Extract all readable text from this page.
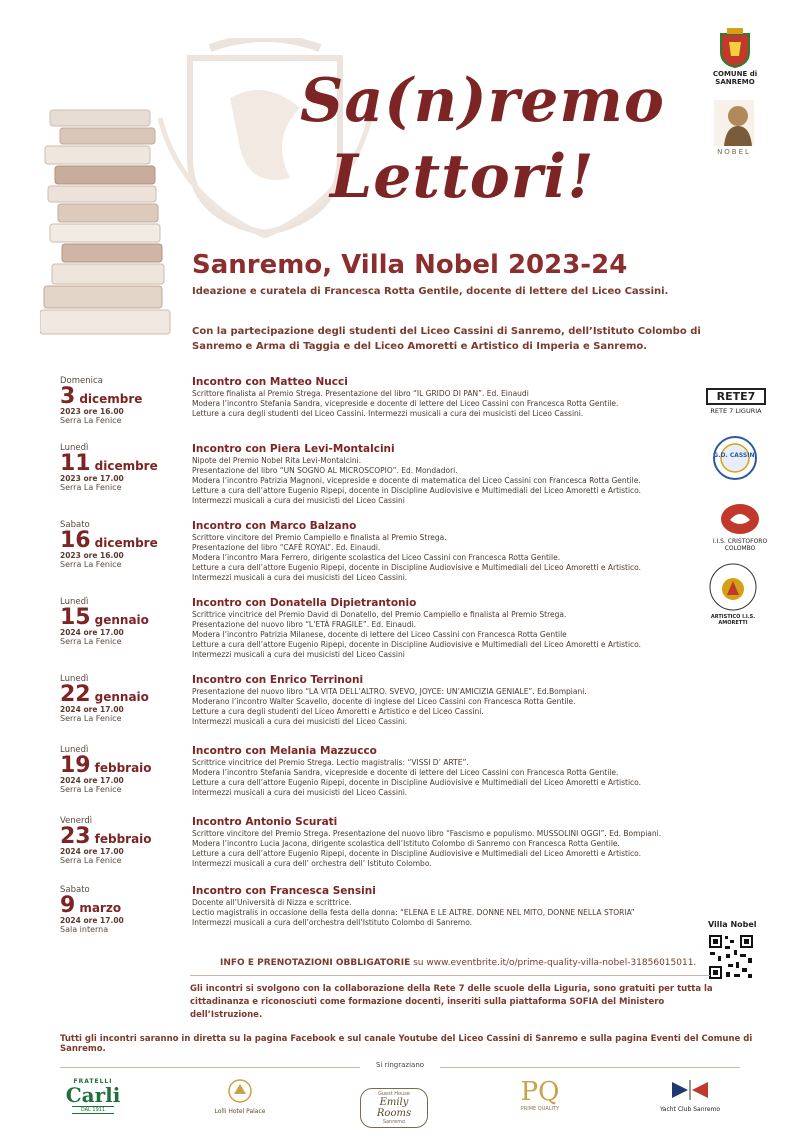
Sa(n)remo
Lettori!
Sanremo, Villa Nobel 2023-24
Ideazione e curatela di Francesca Rotta Gentile, docente di lettere del Liceo Cassini.
Con la partecipazione degli studenti del Liceo Cassini di Sanremo, dell’Istituto Colombo di Sanremo e Arma di Taggia e del Liceo Amoretti e Artistico di Imperia e Sanremo.
COMUNE di SANREMO
NOBEL
RETE7
RETE 7 LIGURIA
G.D. CASSINI
I.I.S. CRISTOFORO COLOMBO
ARTISTICO I.I.S. AMORETTI
Domenica
3 dicembre
2023 ore 16.00
Serra La Fenice
Incontro con Matteo Nucci
Scrittore finalista al Premio Strega. Presentazione del libro “IL GRIDO DI PAN”. Ed. Einaudi
Modera l’incontro Stefania Sandra, vicepreside e docente di lettere del Liceo Cassini con Francesca Rotta Gentile.
Letture a cura degli studenti del Liceo Cassini. Intermezzi musicali a cura dei musicisti del Liceo Cassini.
Lunedì
11 dicembre
2023 ore 17.00
Serra La Fenice
Incontro con Piera Levi-Montalcini
Nipote del Premio Nobel Rita Levi-Montalcini.
Presentazione del libro “UN SOGNO AL MICROSCOPIO”. Ed. Mondadori.
Modera l’incontro Patrizia Magnoni, vicepreside e docente di matematica del Liceo Cassini con Francesca Rotta Gentile.
Letture a cura dell’attore Eugenio Ripepi, docente in Discipline Audiovisive e Multimediali del Liceo Amoretti e Artistico.
Intermezzi musicali a cura dei musicisti del Liceo Cassini
Sabato
16 dicembre
2023 ore 16.00
Serra La Fenice
Incontro con Marco Balzano
Scrittore vincitore del Premio Campiello e finalista al Premio Strega.
Presentazione del libro “CAFÈ ROYAL”. Ed. Einaudi.
Modera l’incontro Mara Ferrero, dirigente scolastica del Liceo Cassini con Francesca Rotta Gentile.
Letture a cura dell’attore Eugenio Ripepi, docente in Discipline Audiovisive e Multimediali del Liceo Amoretti e Artistico.
Intermezzi musicali a cura dei musicisti del Liceo Cassini.
Lunedì
15 gennaio
2024 ore 17.00
Serra La Fenice
Incontro con Donatella Dipietrantonio
Scrittrice vincitrice del Premio David di Donatello, del Premio Campiello e finalista al Premio Strega.
Presentazione del nuovo libro “L’ETÀ FRAGILE”. Ed. Einaudi.
Modera l’incontro Patrizia Milanese, docente di lettere del Liceo Cassini con Francesca Rotta Gentile
Letture a cura dell’attore Eugenio Ripepi, docente in Discipline Audiovisive e Multimediali del Liceo Amoretti e Artistico.
Intermezzi musicali a cura dei musicisti del Liceo Cassini
Lunedì
22 gennaio
2024 ore 17.00
Serra La Fenice
Incontro con Enrico Terrinoni
Presentazione del nuovo libro “LA VITA DELL’ALTRO. SVEVO, JOYCE: UN’AMICIZIA GENIALE”. Ed.Bompiani.
Moderano l’incontro Walter Scavello, docente di inglese del Liceo Cassini con Francesca Rotta Gentile.
Letture a cura degli studenti del Liceo Amoretti e Artistico e del Liceo Cassini.
Intermezzi musicali a cura dei musicisti del Liceo Cassini.
Lunedì
19 febbraio
2024 ore 17.00
Serra La Fenice
Incontro con Melania Mazzucco
Scrittrice vincitrice del Premio Strega. Lectio magistralis: “VISSI D’ ARTE”.
Modera l’incontro Stefania Sandra, vicepreside e docente di lettere del Liceo Cassini con Francesca Rotta Gentile.
Letture a cura dell’attore Eugenio Ripepi, docente in Discipline Audiovisive e Multimediali del Liceo Amoretti e Artistico.
Intermezzi musicali a cura dei musicisti del Liceo Cassini.
Venerdì
23 febbraio
2024 ore 17.00
Serra La Fenice
Incontro Antonio Scurati
Scrittore vincitore del Premio Strega. Presentazione del nuovo libro “Fascismo e populismo. MUSSOLINI OGGI”. Ed. Bompiani.
Modera l’incontro Lucia Jacona, dirigente scolastica dell’Istituto Colombo di Sanremo con Francesca Rotta Gentile.
Letture a cura dell’attore Eugenio Ripepi, docente in Discipline Audiovisive e Multimediali del Liceo Amoretti e Artistico.
Intermezzi musicali a cura dell’ orchestra dell’ Istituto Colombo.
Sabato
9 marzo
2024 ore 17.00
Sala interna
Incontro con Francesca Sensini
Docente all’Università di Nizza e scrittrice.
Lectio magistralis in occasione della festa della donna: “ELENA E LE ALTRE. DONNE NEL MITO, DONNE NELLA STORIA”
Intermezzi musicali a cura dell’orchestra dell’Istituto Colombo di Sanremo.	Villa Nobel
INFO E PRENOTAZIONI OBBLIGATORIE su www.eventbrite.it/o/prime-quality-villa-nobel-31856015011.
Gli incontri si svolgono con la collaborazione della Rete 7 delle scuole della Liguria, sono gratuiti per tutta la cittadinanza e riconosciuti come formazione docenti, inseriti sulla piattaforma SOFIA del Ministero dell’Istruzione.
Tutti gli incontri saranno in diretta su la pagina Facebook e sul canale Youtube del Liceo Cassini di Sanremo e sulla pagina Eventi del Comune di Sanremo.
Si ringraziano
FRATELLI
Carli
DAL 1911	Lolli Hotel Palace
Guest House
Emily Rooms
Sanremo
PQ
PRIME QUALITY	Yacht Club Sanremo
